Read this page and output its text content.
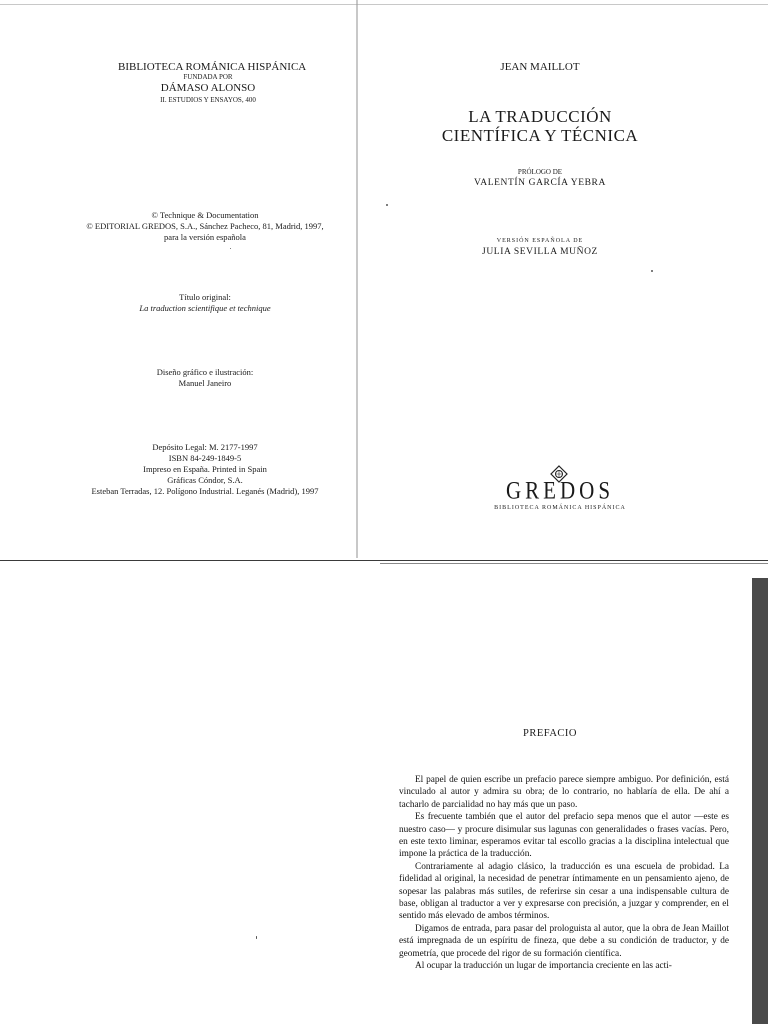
BIBLIOTECA ROMÁNICA HISPÁNICA
FUNDADA POR
DÁMASO ALONSO
II. ESTUDIOS Y ENSAYOS, 400
© Technique & Documentation
© EDITORIAL GREDOS, S.A., Sánchez Pacheco, 81, Madrid, 1997,
para la versión española
Título original:
La traduction scientifique et technique
Diseño gráfico e ilustración:
Manuel Janeiro
Depósito Legal: M. 2177-1997
ISBN 84-249-1849-5
Impreso en España. Printed in Spain
Gráficas Cóndor, S.A.
Esteban Terradas, 12. Polígono Industrial. Leganés (Madrid), 1997
JEAN MAILLOT
LA TRADUCCIÓN
CIENTÍFICA Y TÉCNICA
PRÓLOGO DE
VALENTÍN GARCÍA YEBRA
VERSIÓN ESPAÑOLA DE
JULIA SEVILLA MUÑOZ
GREDOS
BIBLIOTECA ROMÁNICA HISPÁNICA
PREFACIO

El papel de quien escribe un prefacio parece siempre ambiguo. Por definición, está vinculado al autor y admira su obra; de lo contrario, no hablaría de ella. De ahí a tacharlo de parcialidad no hay más que un paso.

Es frecuente también que el autor del prefacio sepa menos que el autor —este es nuestro caso— y procure disimular sus lagunas con generalidades o frases vacías. Pero, en este texto liminar, esperamos evitar tal escollo gracias a la disciplina intelectual que impone la práctica de la traducción.

Contrariamente al adagio clásico, la traducción es una escuela de probidad. La fidelidad al original, la necesidad de penetrar íntimamente en un pensamiento ajeno, de sopesar las palabras más sutiles, de referirse sin cesar a una indispensable cultura de base, obligan al traductor a ver y expresarse con precisión, a juzgar y comprender, en el sentido más elevado de ambos términos.

Digamos de entrada, para pasar del prologuista al autor, que la obra de Jean Maillot está impregnada de un espíritu de fineza, que debe a su condición de traductor, y de geometría, que procede del rigor de su formación científica.

Al ocupar la traducción un lugar de importancia creciente en las acti-
